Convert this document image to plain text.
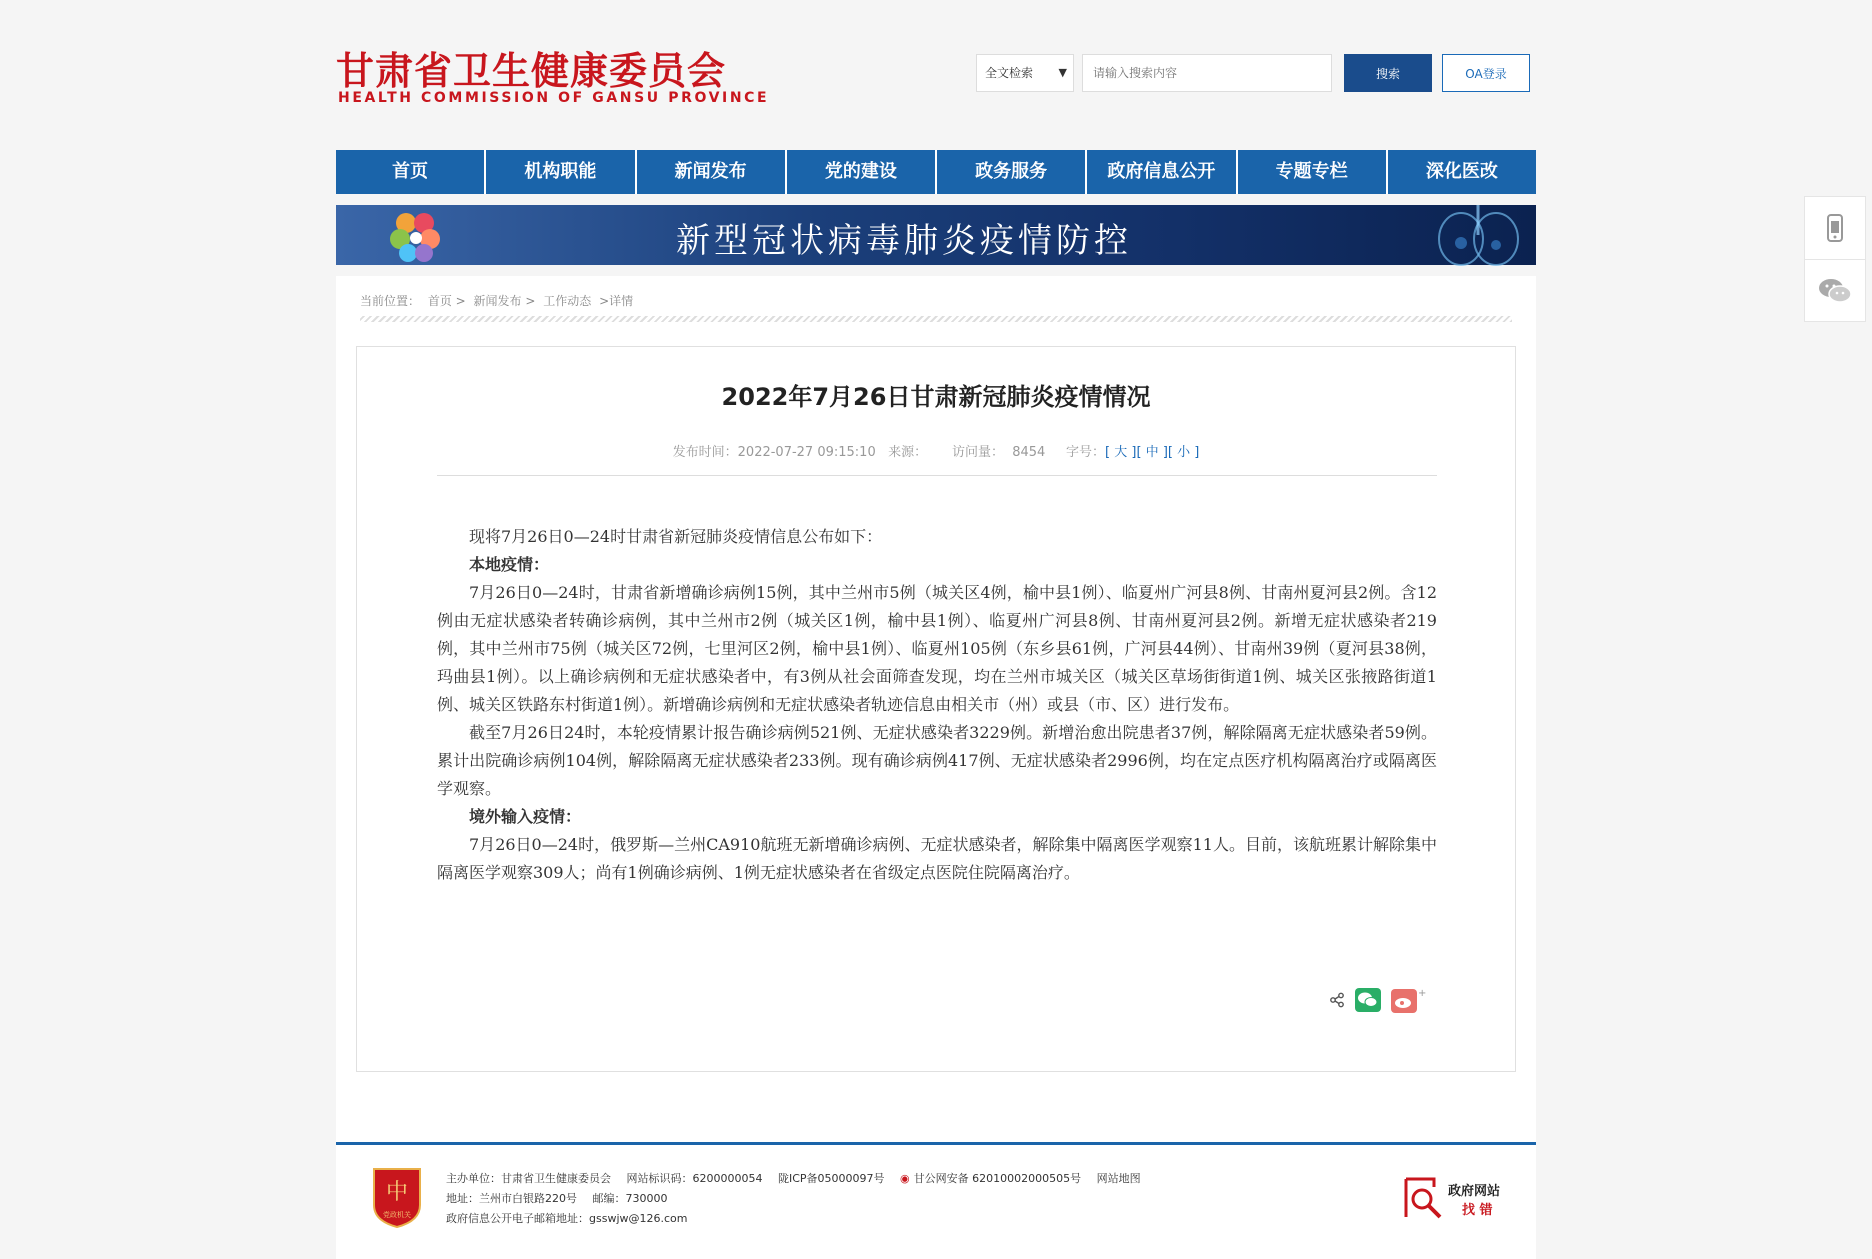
甘肃省卫生健康委员会
HEALTH COMMISSION OF GANSU PROVINCE
全文检索 ▼
请输入搜索内容	搜索	OA登录
首页	机构职能	新闻发布	党的建设	政务服务	政府信息公开	专题专栏	深化医改
新型冠状病毒肺炎疫情防控
当前位置： 首页 > 新闻发布 > 工作动态 >详情
2022年7月26日甘肃新冠肺炎疫情情况
发布时间：2022-07-27 09:15:10 来源： 访问量： 8454 字号：[ 大 ][ 中 ][ 小 ]

现将7月26日0—24时甘肃省新冠肺炎疫情信息公布如下：

本地疫情：

7月26日0—24时，甘肃省新增确诊病例15例，其中兰州市5例（城关区4例，榆中县1例）、临夏州广河县8例、甘南州夏河县2例。含12例由无症状感染者转确诊病例，其中兰州市2例（城关区1例，榆中县1例）、临夏州广河县8例、甘南州夏河县2例。新增无症状感染者219例，其中兰州市75例（城关区72例，七里河区2例，榆中县1例）、临夏州105例（东乡县61例，广河县44例）、甘南州39例（夏河县38例，玛曲县1例）。以上确诊病例和无症状感染者中，有3例从社会面筛查发现，均在兰州市城关区（城关区草场街街道1例、城关区张掖路街道1例、城关区铁路东村街道1例）。新增确诊病例和无症状感染者轨迹信息由相关市（州）或县（市、区）进行发布。

截至7月26日24时，本轮疫情累计报告确诊病例521例、无症状感染者3229例。新增治愈出院患者37例，解除隔离无症状感染者59例。累计出院确诊病例104例，解除隔离无症状感染者233例。现有确诊病例417例、无症状感染者2996例，均在定点医疗机构隔离治疗或隔离医学观察。

境外输入疫情：

7月26日0—24时，俄罗斯—兰州CA910航班无新增确诊病例、无症状感染者，解除集中隔离医学观察11人。目前，该航班累计解除集中隔离医学观察309人；尚有1例确诊病例、1例无症状感染者在省级定点医院住院隔离治疗。

+
中
党政机关
主办单位：甘肃省卫生健康委员会 网站标识码：6200000054 陇ICP备05000097号 ◉ 甘公网安备 62010002000505号 网站地图
地址：兰州市白银路220号 邮编：730000
政府信息公开电子邮箱地址：gsswjw@126.com
政府网站
找 错
